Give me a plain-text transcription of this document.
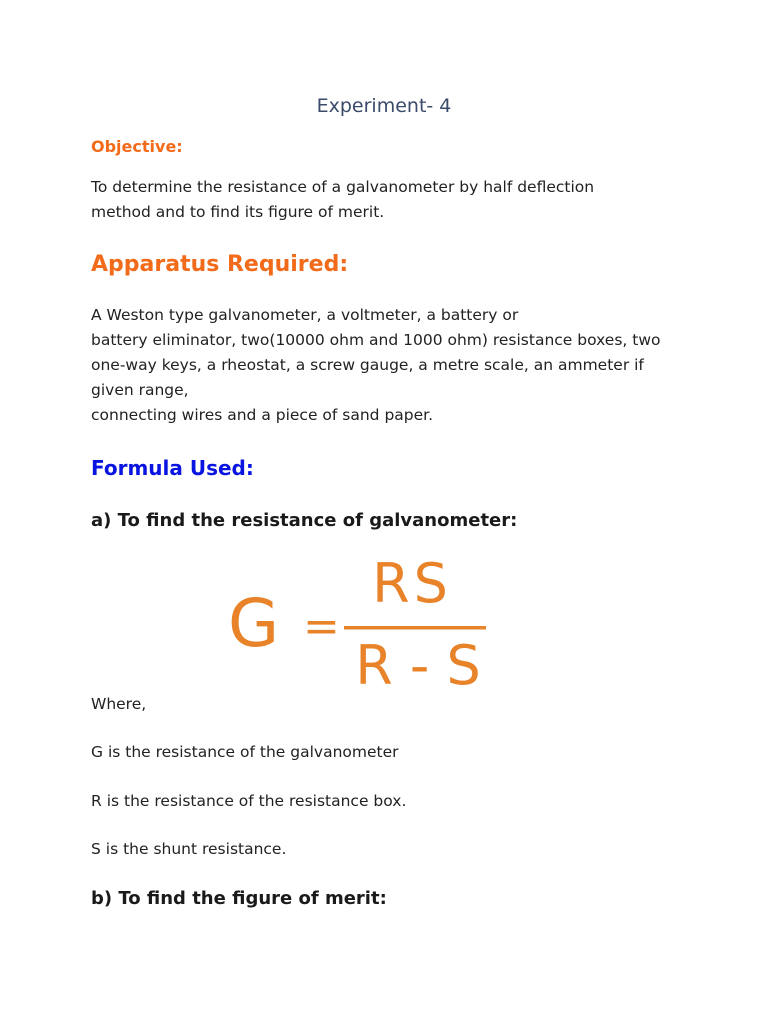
Experiment- 4
Objective:
To determine the resistance of a galvanometer by half deflection
method and to find its figure of merit.
Apparatus Required:
A Weston type galvanometer, a voltmeter, a battery or
battery eliminator, two(10000 ohm and 1000 ohm) resistance boxes, two
one-way keys, a rheostat, a screw gauge, a metre scale, an ammeter if
given range,
connecting wires and a piece of sand paper.
Formula Used:
a) To find the resistance of galvanometer:
G =
RS
R - S
Where,
G is the resistance of the galvanometer
R is the resistance of the resistance box.
S is the shunt resistance.
b) To find the figure of merit:
